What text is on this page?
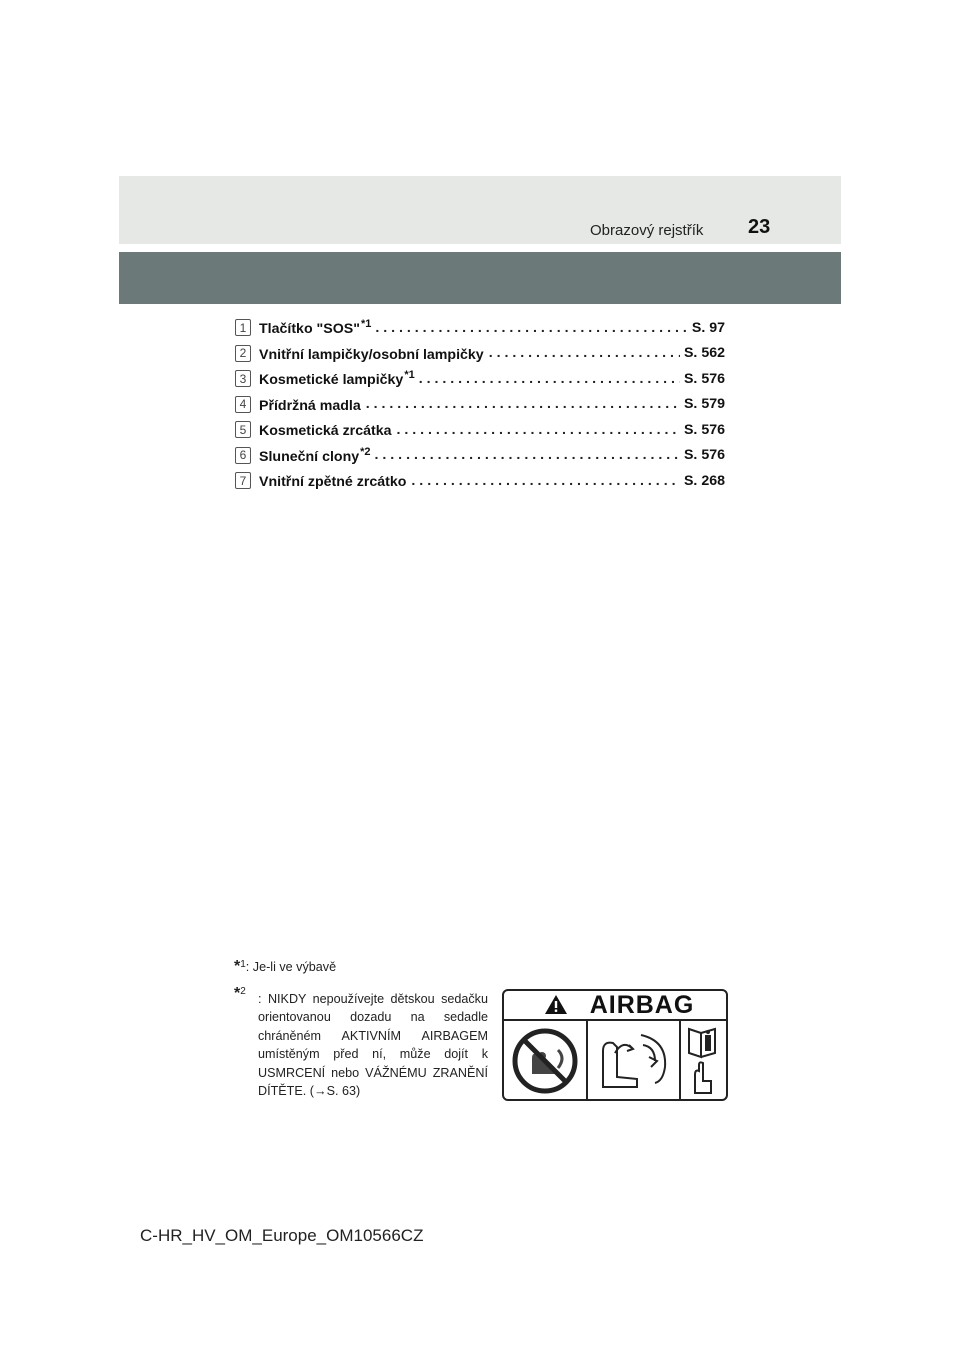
Obrazový rejstřík 23
1 Tlačítko "SOS"$^{*1}$ . . .	S. 97
2 Vnitřní lampičky/osobní lampičky . . .	S. 562
3 Kosmetické lampičky$^{*1}$ . . .	S. 576
4 Přídržná madla . . .	S. 579
5 Kosmetická zrcátka . . .	S. 576
6 Sluneční clony$^{*2}$ . . .	S. 576
7 Vnitřní zpětné zrcátko . . .	S. 268
*$^1$: Je-li ve výbavě
*$^2$
: NIKDY nepoužívejte dětskou sedačku orientovanou dozadu na sedadle chráněném AKTIVNÍM AIRBAGEM umístěným před ní, může dojít k USMRCENÍ nebo VÁŽNÉMU ZRANĚNÍ DÍTĚTE. (→S. 63)
AIRBAG
C-HR_HV_OM_Europe_OM10566CZ
